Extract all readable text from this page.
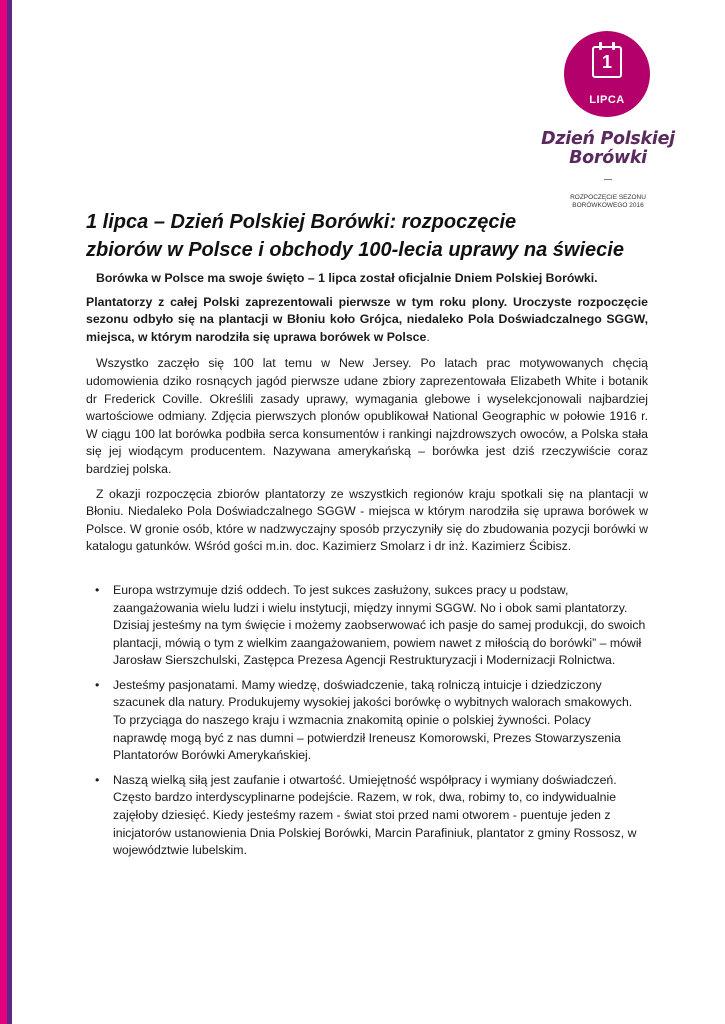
1
LIPCA
Dzień Polskiej
Borówki
ROZPOCZĘCIE SEZONU
BORÓWKOWEGO 2016
1 lipca – Dzień Polskiej Borówki: rozpoczęcie
zbiorów w Polsce i obchody 100-lecia uprawy na świecie

Borówka w Polsce ma swoje święto – 1 lipca został oficjalnie Dniem Polskiej Borówki.

Plantatorzy z całej Polski zaprezentowali pierwsze w tym roku plony. Uroczyste rozpoczęcie sezonu odbyło się na plantacji w Błoniu koło Grójca, niedaleko Pola Doświadczalnego SGGW, miejsca, w którym narodziła się uprawa borówek w Polsce.

Wszystko zaczęło się 100 lat temu w New Jersey. Po latach prac motywowanych chęcią udomowienia dziko rosnących jagód pierwsze udane zbiory zaprezentowała Elizabeth White i botanik dr Frederick Coville. Określili zasady uprawy, wymagania glebowe i wyselekcjonowali najbardziej wartościowe odmiany. Zdjęcia pierwszych plonów opublikował National Geographic w połowie 1916 r. W ciągu 100 lat borówka podbiła serca konsumentów i rankingi najzdrowszych owoców, a Polska stała się jej wiodącym producentem. Nazywana amerykańską – borówka jest dziś rzeczywiście coraz bardziej polska.

Z okazji rozpoczęcia zbiorów plantatorzy ze wszystkich regionów kraju spotkali się na plantacji w Błoniu. Niedaleko Pola Doświadczalnego SGGW - miejsca w którym narodziła się uprawa borówek w Polsce. W gronie osób, które w nadzwyczajny sposób przyczyniły się do zbudowania pozycji borówki w katalogu gatunków. Wśród gości m.in. doc. Kazimierz Smolarz i dr inż. Kazimierz Ścibisz.

• Europa wstrzymuje dziś oddech. To jest sukces zasłużony, sukces pracy u podstaw, zaangażowania wielu ludzi i wielu instytucji, między innymi SGGW. No i obok sami plantatorzy. Dzisiaj jesteśmy na tym święcie i możemy zaobserwować ich pasje do samej produkcji, do swoich plantacji, mówią o tym z wielkim zaangażowaniem, powiem nawet z miłością do borówki” – mówił Jarosław Sierszchulski, Zastępca Prezesa Agencji Restrukturyzacji i Modernizacji Rolnictwa.
• Jesteśmy pasjonatami. Mamy wiedzę, doświadczenie, taką rolniczą intuicje i dziedziczony szacunek dla natury. Produkujemy wysokiej jakości borówkę o wybitnych walorach smakowych. To przyciąga do naszego kraju i wzmacnia znakomitą opinie o polskiej żywności. Polacy naprawdę mogą być z nas dumni – potwierdził Ireneusz Komorowski, Prezes Stowarzyszenia Plantatorów Borówki Amerykańskiej.
• Naszą wielką siłą jest zaufanie i otwartość. Umiejętność współpracy i wymiany doświadczeń. Często bardzo interdyscyplinarne podejście. Razem, w rok, dwa, robimy to, co indywidualnie zajęłoby dziesięć. Kiedy jesteśmy razem - świat stoi przed nami otworem - puentuje jeden z inicjatorów ustanowienia Dnia Polskiej Borówki, Marcin Parafiniuk, plantator z gminy Rossosz, w województwie lubelskim.
